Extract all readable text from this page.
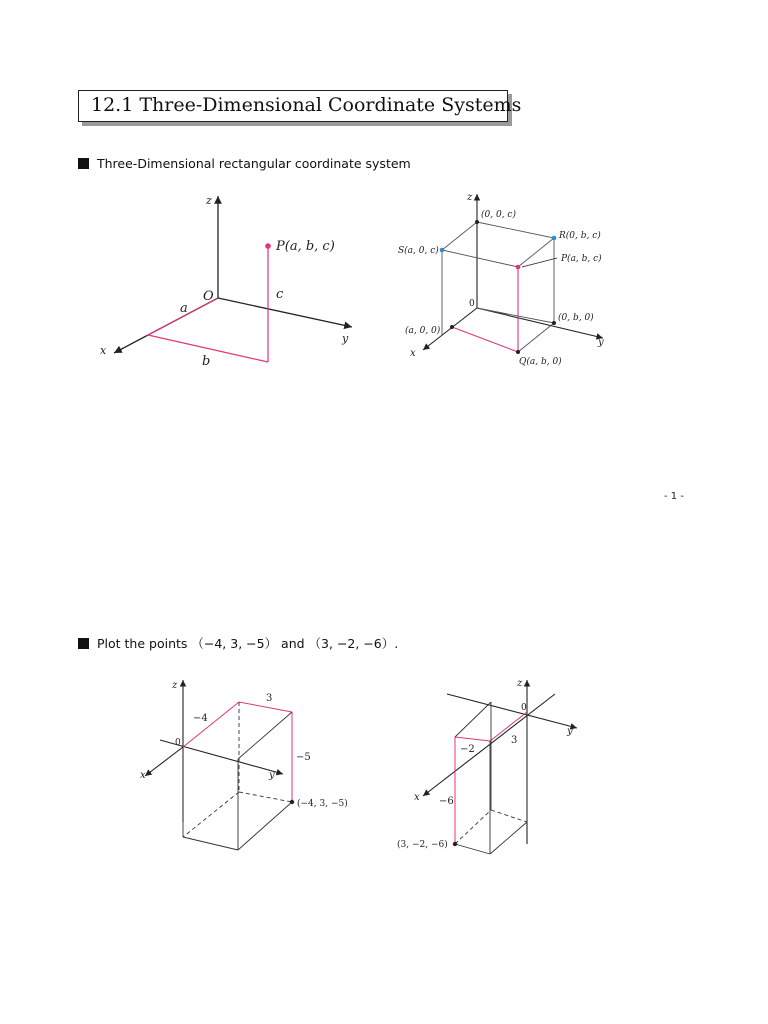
12.1 Three-Dimensional Coordinate Systems
Three-Dimensional rectangular coordinate system
z
y
x
O
P(a, b, c)
a
b
c
z
y
x
0
(0, 0, c)
R(0, b, c)
S(a, 0, c)
P(a, b, c)
(0, b, 0)
(a, 0, 0)
Q(a, b, 0)
- 1 -
Plot the points （−4, 3, −5） and （3, −2, −6）.
z
y
x
0
−4
3
−5
(−4, 3, −5)
z
y
x
0
−2
3
−6
(3, −2, −6)
